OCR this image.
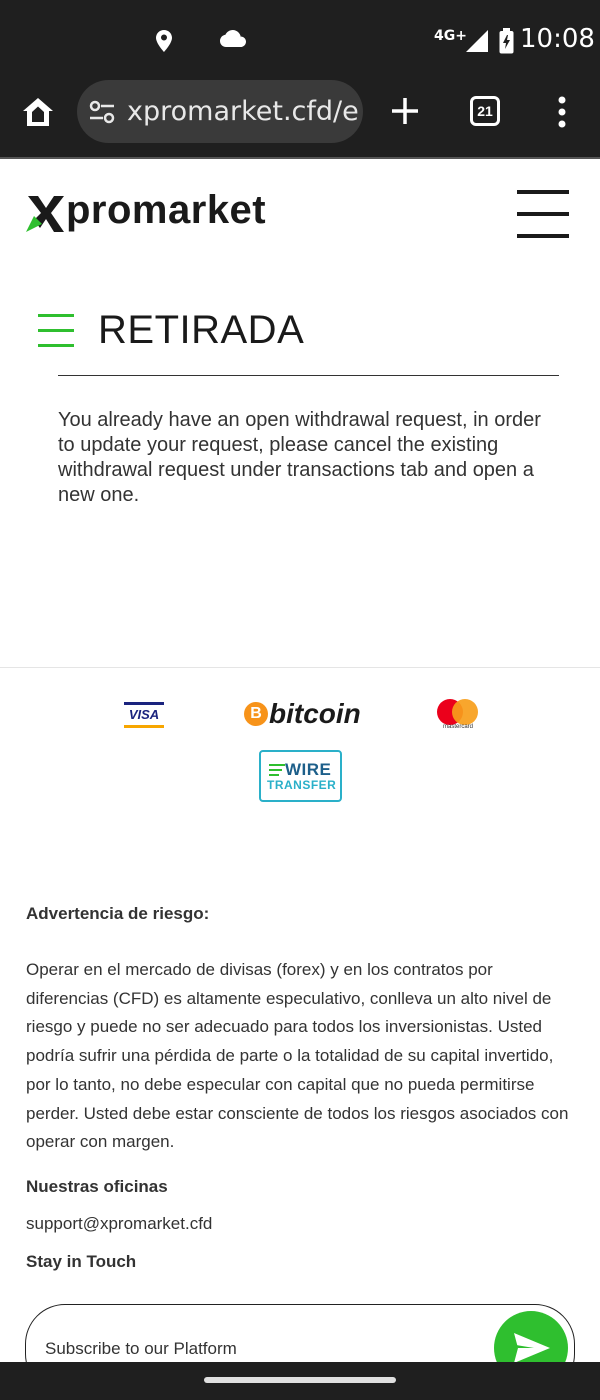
4G+ 10:08
xpromarket.cfd/e	21
promarket
RETIRADA

You already have an open withdrawal request, in order to update your request, please cancel the existing withdrawal request under transactions tab and open a new one.

VISA	B bitcoin	mastercard
WIRE
TRANSFER
Advertencia de riesgo:

Operar en el mercado de divisas (forex) y en los contratos por diferencias (CFD) es altamente especulativo, conlleva un alto nivel de riesgo y puede no ser adecuado para todos los inversionistas. Usted podría sufrir una pérdida de parte o la totalidad de su capital invertido, por lo tanto, no debe especular con capital que no pueda permitirse perder. Usted debe estar consciente de todos los riesgos asociados con operar con margen.

Nuestras oficinas
support@xpromarket.cfd
Stay in Touch
Subscribe to our Platform
